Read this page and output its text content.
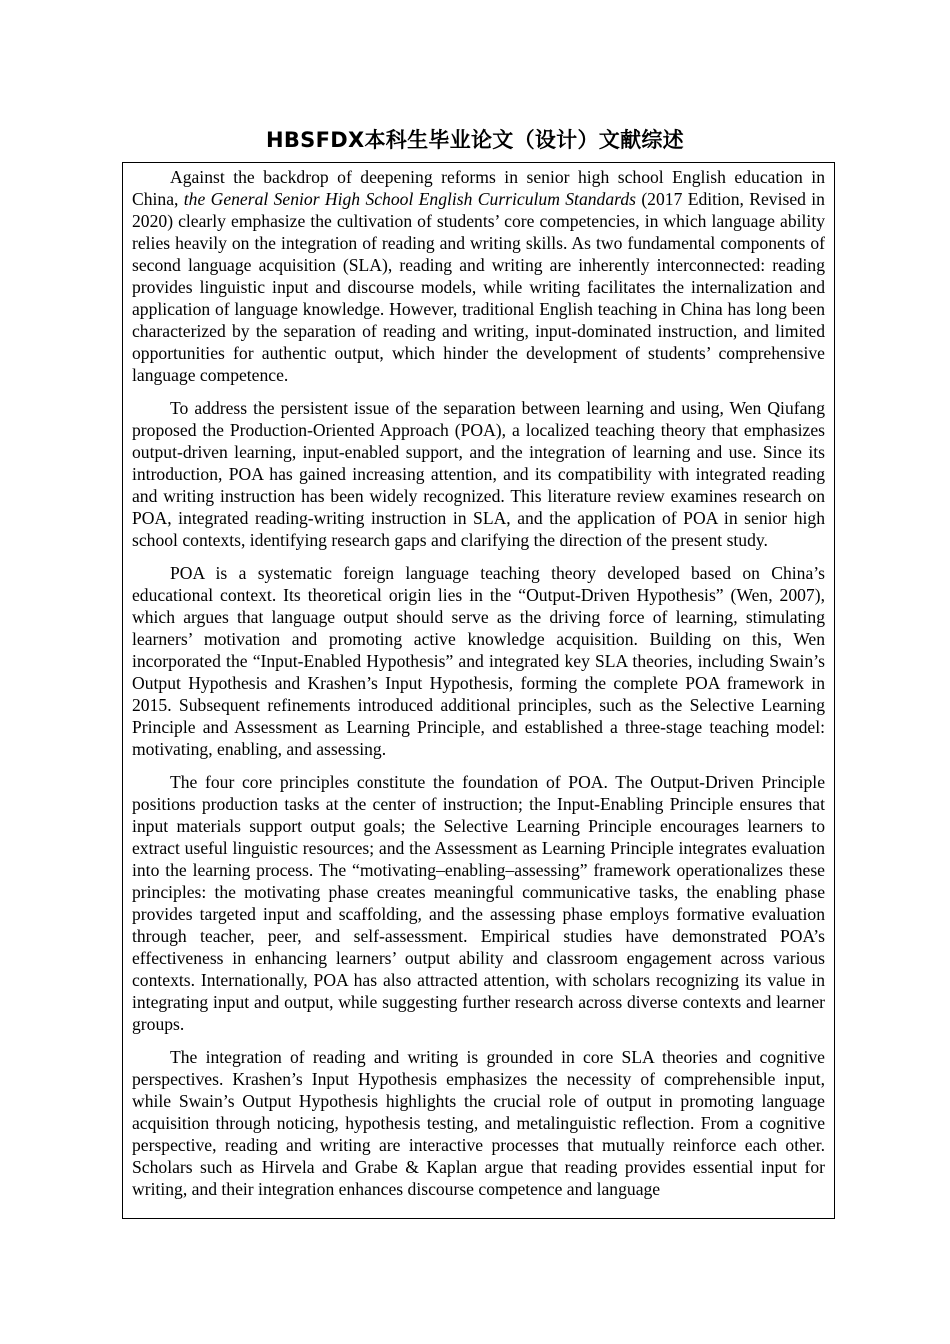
HBSFDX本科生毕业论文（设计）文献综述

Against the backdrop of deepening reforms in senior high school English education in China, the General Senior High School English Curriculum Standards (2017 Edition, Revised in 2020) clearly emphasize the cultivation of students’ core competencies, in which language ability relies heavily on the integration of reading and writing skills. As two fundamental components of second language acquisition (SLA), reading and writing are inherently interconnected: reading provides linguistic input and discourse models, while writing facilitates the internalization and application of language knowledge. However, traditional English teaching in China has long been characterized by the separation of reading and writing, input-dominated instruction, and limited opportunities for authentic output, which hinder the development of students’ comprehensive language competence.

To address the persistent issue of the separation between learning and using, Wen Qiufang proposed the Production-Oriented Approach (POA), a localized teaching theory that emphasizes output-driven learning, input-enabled support, and the integration of learning and use. Since its introduction, POA has gained increasing attention, and its compatibility with integrated reading and writing instruction has been widely recognized. This literature review examines research on POA, integrated reading-writing instruction in SLA, and the application of POA in senior high school contexts, identifying research gaps and clarifying the direction of the present study.

POA is a systematic foreign language teaching theory developed based on China’s educational context. Its theoretical origin lies in the “Output-Driven Hypothesis” (Wen, 2007), which argues that language output should serve as the driving force of learning, stimulating learners’ motivation and promoting active knowledge acquisition. Building on this, Wen incorporated the “Input-Enabled Hypothesis” and integrated key SLA theories, including Swain’s Output Hypothesis and Krashen’s Input Hypothesis, forming the complete POA framework in 2015. Subsequent refinements introduced additional principles, such as the Selective Learning Principle and Assessment as Learning Principle, and established a three-stage teaching model: motivating, enabling, and assessing.

The four core principles constitute the foundation of POA. The Output-Driven Principle positions production tasks at the center of instruction; the Input-Enabling Principle ensures that input materials support output goals; the Selective Learning Principle encourages learners to extract useful linguistic resources; and the Assessment as Learning Principle integrates evaluation into the learning process. The “motivating–enabling–assessing” framework operationalizes these principles: the motivating phase creates meaningful communicative tasks, the enabling phase provides targeted input and scaffolding, and the assessing phase employs formative evaluation through teacher, peer, and self-assessment. Empirical studies have demonstrated POA’s effectiveness in enhancing learners’ output ability and classroom engagement across various contexts. Internationally, POA has also attracted attention, with scholars recognizing its value in integrating input and output, while suggesting further research across diverse contexts and learner groups.

The integration of reading and writing is grounded in core SLA theories and cognitive perspectives. Krashen’s Input Hypothesis emphasizes the necessity of comprehensible input, while Swain’s Output Hypothesis highlights the crucial role of output in promoting language acquisition through noticing, hypothesis testing, and metalinguistic reflection. From a cognitive perspective, reading and writing are interactive processes that mutually reinforce each other. Scholars such as Hirvela and Grabe & Kaplan argue that reading provides essential input for writing, and their integration enhances discourse competence and language
